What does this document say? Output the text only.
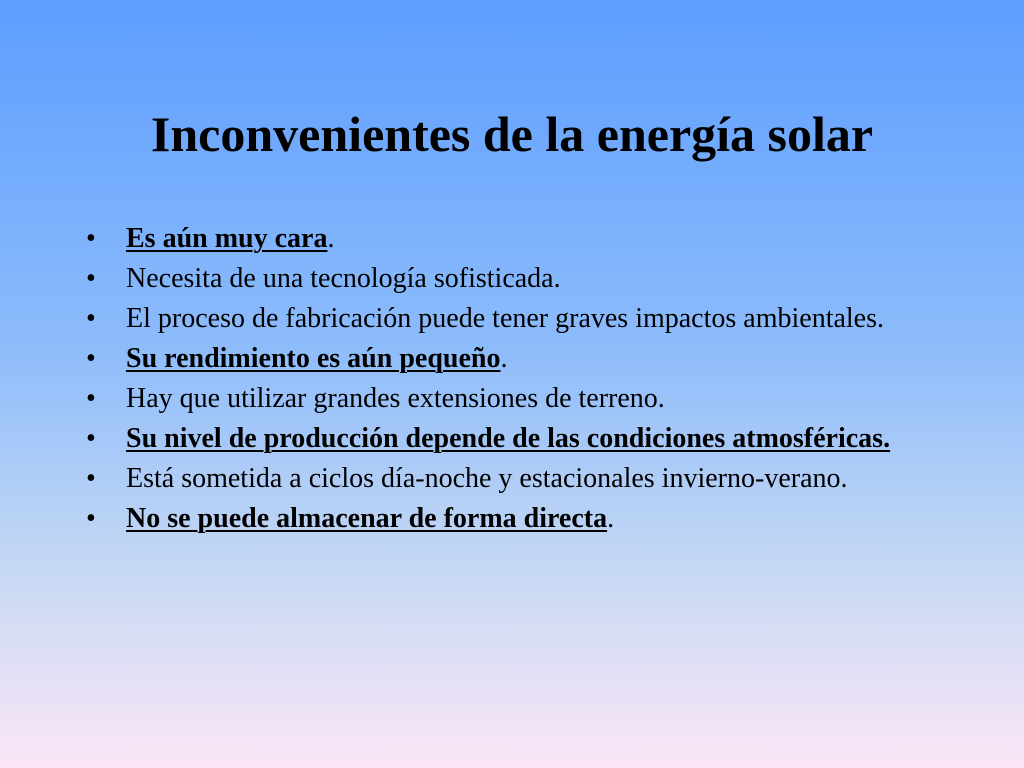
Inconvenientes de la energía solar
• Es aún muy cara.
• Necesita de una tecnología sofisticada.
• El proceso de fabricación puede tener graves impactos ambientales.
• Su rendimiento es aún pequeño.
• Hay que utilizar grandes extensiones de terreno.
• Su nivel de producción depende de las condiciones atmosféricas.
• Está sometida a ciclos día-noche y estacionales invierno-verano.
• No se puede almacenar de forma directa.
